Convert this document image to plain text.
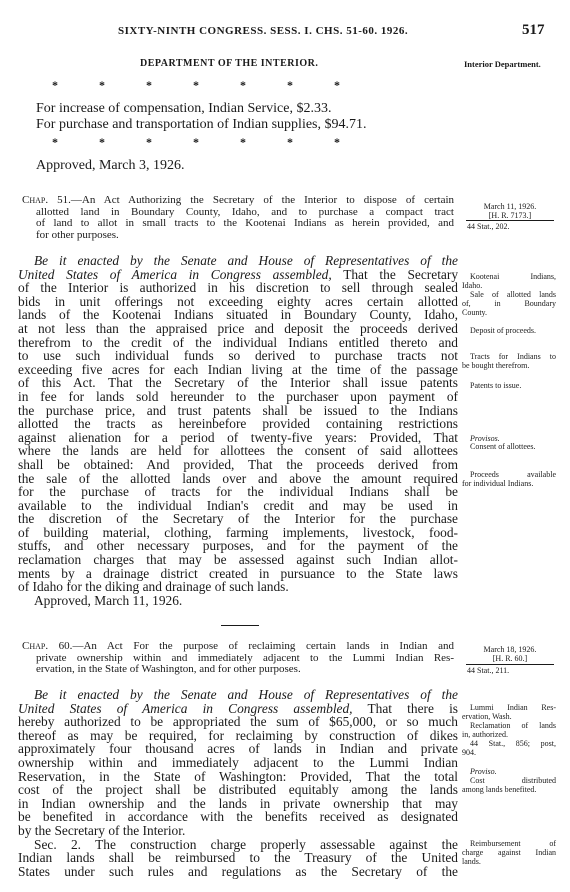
SIXTY-NINTH CONGRESS. SESS. I. CHS. 51-60. 1926.	517
DEPARTMENT OF THE INTERIOR.	Interior Department.
* * * * * * *
For increase of compensation, Indian Service, $2.33.
For purchase and transportation of Indian supplies, $94.71.
* * * * * * *
Approved, March 3, 1926.
Chap. 51.—An Act Authorizing the Secretary of the Interior to dispose of certain
allotted land in Boundary County, Idaho, and to purchase a compact tract
of land to allot in small tracts to the Kootenai Indians as herein provided, and
for other purposes.
March 11, 1926.
[H. R. 7173.]
44 Stat., 202.
Be it enacted by the Senate and House of Representatives of the
United States of America in Congress assembled, That the Secretary
of the Interior is authorized in his discretion to sell through sealed
bids in unit offerings not exceeding eighty acres certain allotted
lands of the Kootenai Indians situated in Boundary County, Idaho,
at not less than the appraised price and deposit the proceeds derived
therefrom to the credit of the individual Indians entitled thereto and
to use such individual funds so derived to purchase tracts not
exceeding five acres for each Indian living at the time of the passage
of this Act. That the Secretary of the Interior shall issue patents
in fee for lands sold hereunder to the purchaser upon payment of
the purchase price, and trust patents shall be issued to the Indians
allotted the tracts as hereinbefore provided containing restrictions
against alienation for a period of twenty-five years: Provided, That
where the lands are held for allottees the consent of said allottees
shall be obtained: And provided, That the proceeds derived from
the sale of the allotted lands over and above the amount required
for the purchase of tracts for the individual Indians shall be
available to the individual Indian's credit and may be used in
the discretion of the Secretary of the Interior for the purchase
of building material, clothing, farming implements, livestock, food-
stuffs, and other necessary purposes, and for the payment of the
reclamation charges that may be assessed against such Indian allot-
ments by a drainage district created in pursuance to the State laws
of Idaho for the diking and drainage of such lands.
Approved, March 11, 1926.
Kootenai Indians,
Idaho.
Sale of allotted lands
of, in Boundary
County.
Deposit of proceeds.
Tracts for Indians to
be bought therefrom.
Patents to issue.
Provisos.
Consent of allottees.
Proceeds available
for individual Indians.
Chap. 60.—An Act For the purpose of reclaiming certain lands in Indian and
private ownership within and immediately adjacent to the Lummi Indian Res-
ervation, in the State of Washington, and for other purposes.
March 18, 1926.
[H. R. 60.]
44 Stat., 211.
Be it enacted by the Senate and House of Representatives of the
United States of America in Congress assembled, That there is
hereby authorized to be appropriated the sum of $65,000, or so much
thereof as may be required, for reclaiming by construction of dikes
approximately four thousand acres of lands in Indian and private
ownership within and immediately adjacent to the Lummi Indian
Reservation, in the State of Washington: Provided, That the total
cost of the project shall be distributed equitably among the lands
in Indian ownership and the lands in private ownership that may
be benefited in accordance with the benefits received as designated
by the Secretary of the Interior.
Sec. 2. The construction charge properly assessable against the
Indian lands shall be reimbursed to the Treasury of the United
States under such rules and regulations as the Secretary of the
Lummi Indian Res-
ervation, Wash.
Reclamation of lands
in, authorized.
44 Stat., 856; post,
904.
Proviso.
Cost distributed
among lands benefited.
Reimbursement of
charge against Indian
lands.
